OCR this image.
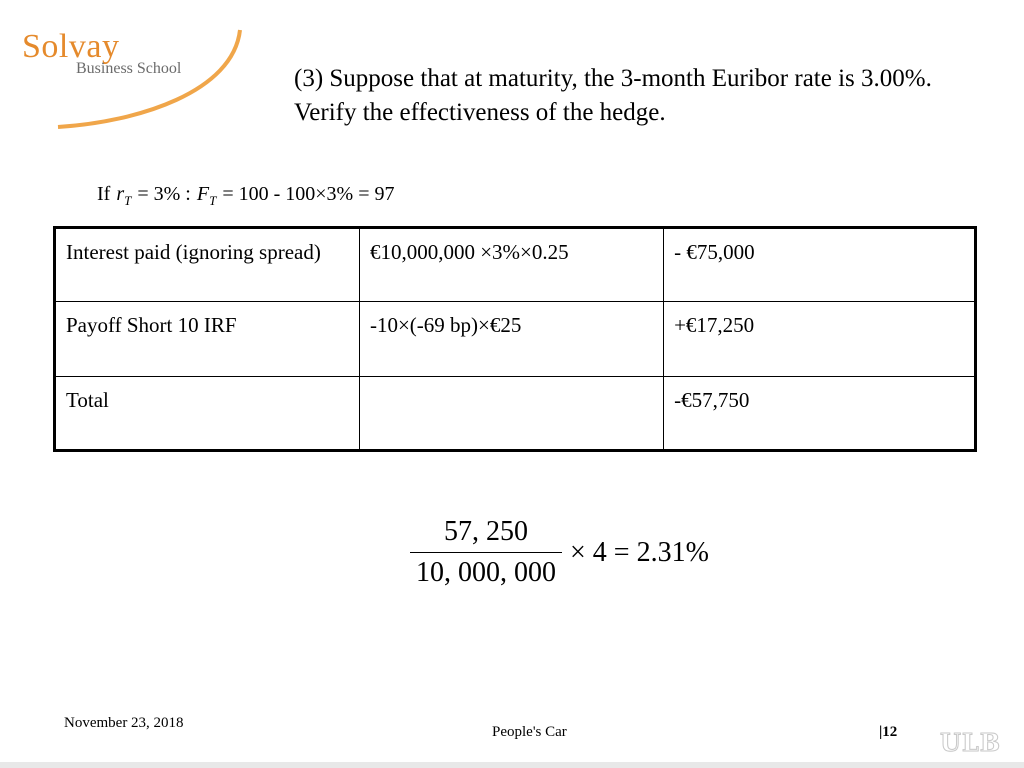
Solvay
Business School	(3) Suppose that at maturity, the 3-month Euribor rate is 3.00%. Verify the effectiveness of the hedge.
If $r_T = 3\%$ : $F_T = 100 - 100\times 3\% = 97$
Interest paid (ignoring spread)	€10,000,000 ×3%×0.25	- €75,000
Payoff Short 10 IRF	-10×(-69 bp)×€25	+€17,250
Total		-€57,750
$\frac{57, 250}{10, 000, 000} \times 4 = 2.31\%$
November 23, 2018
People's Car	|12 ULB
